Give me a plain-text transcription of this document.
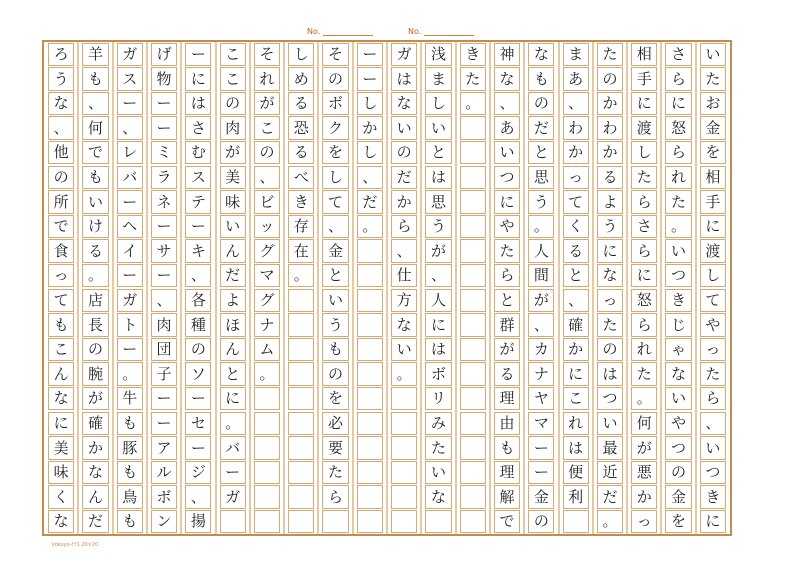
No.	No.
い
た
お
金
を
相
手
に
渡
し
て
や
っ
た
ら
、
い
つ
き
に
さ
ら
に
怒
ら
れ
た
。
い
つ
き
じ
ゃ
な
い
や
つ
の
金
を
相
手
に
渡
し
た
ら
さ
ら
に
怒
ら
れ
た
。
何
が
悪
か
っ
た
の
か
わ
か
る
よ
う
に
な
っ
た
の
は
つ
い
最
近
だ
。
ま
あ
、
わ
か
っ
て
く
る
と
、
確
か
に
こ
れ
は
便
利
な
も
の
だ
と
思
う
。
人
間
が
、
カ
ナ
ヤ
マ
ー
ー
金
の
神
な
、
あ
い
つ
に
や
た
ら
と
群
が
る
理
由
も
理
解
で
き
た
。
浅
ま
し
い
と
は
思
う
が
、
人
に
は
ボ
リ
み
た
い
な
ガ
は
な
い
の
だ
か
ら
、
仕
方
な
い
。
ー
ー
し
か
し
、
だ
。
そ
の
ボ
ク
を
し
て
、
金
と
い
う
も
の
を
必
要
た
ら
し
め
る
恐
る
べ
き
存
在
。
そ
れ
が
こ
の
、
ビ
ッ
グ
マ
グ
ナ
ム
。
こ
こ
の
肉
が
美
味
い
ん
だ
よ
ほ
ん
と
に
。
バ
ー
ガ
ー
に
は
さ
む
ス
テ
ー
キ
、
各
種
の
ソ
ー
セ
ー
ジ
、
揚
げ
物
ー
ー
ミ
ラ
ネ
ー
サ
ー
、
肉
団
子
ー
ー
ア
ル
ボ
ン
ガ
ス
ー
、
レ
バ
ー
ヘ
イ
ー
ガ
ト
ー
。
牛
も
豚
も
鳥
も
羊
も
、
何
で
も
い
け
る
。
店
長
の
腕
が
確
か
な
ん
だ
ろ
う
な
、
他
の
所
で
食
っ
て
も
こ
ん
な
に
美
味
く
な
kokuyo-ｹﾃ1 20×20
